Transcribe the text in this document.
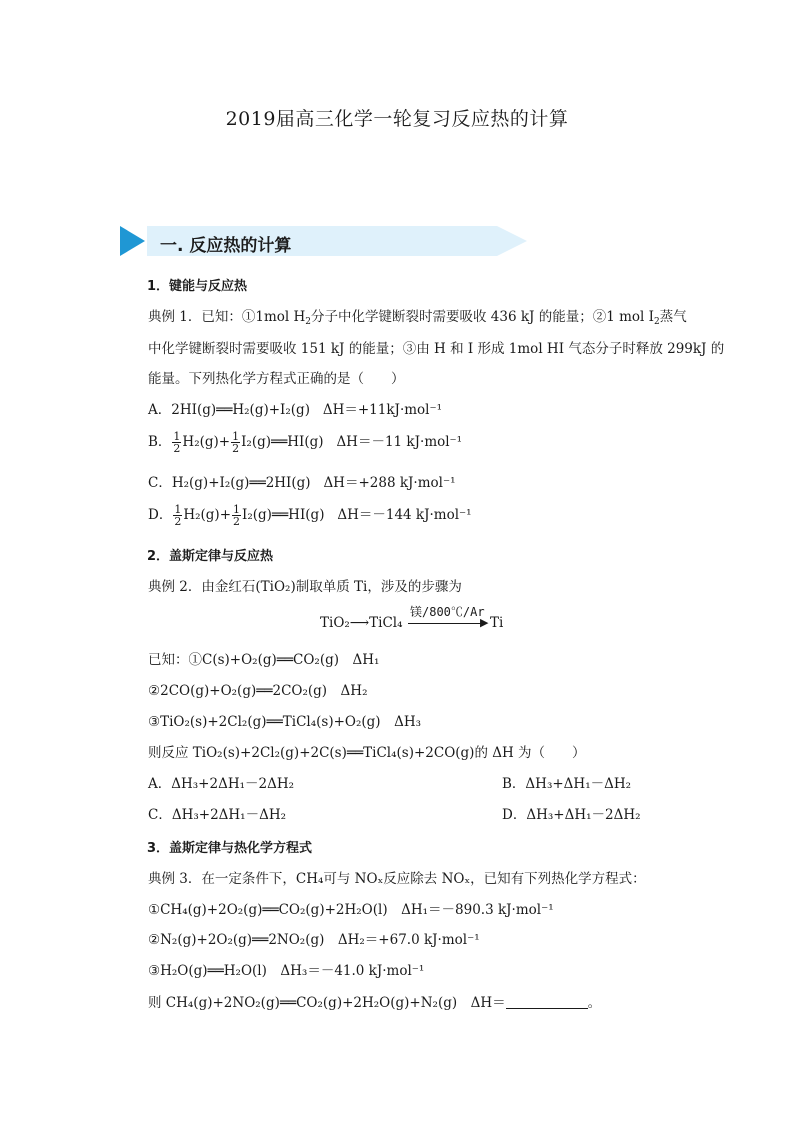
2019届高三化学一轮复习反应热的计算
一. 反应热的计算
1．键能与反应热
典例 1．已知：①1mol $H_2$分子中化学键断裂时需要吸收 436 kJ 的能量；②1 mol $I_2$蒸气
中化学键断裂时需要吸收 151 kJ 的能量；③由 H 和 I 形成 1mol HI 气态分子时释放 299kJ 的
能量。下列热化学方程式正确的是（　　）
A．2HI(g)══H₂(g)+I₂(g) ΔH＝+11kJ·mol⁻¹
B． $\frac{1}{2} H_2(g)+ \frac{1}{2}$ I₂(g)══HI(g) ΔH＝－11 kJ·mol⁻¹
C．H₂(g)+I₂(g)══2HI(g) ΔH＝+288 kJ·mol⁻¹
D． $\frac{1}{2} H_2(g)+ \frac{1}{2}$ I₂(g)══HI(g) ΔH＝－144 kJ·mol⁻¹
2．盖斯定律与反应热
典例 2．由金红石(TiO₂)制取单质 Ti，涉及的步骤为
TiO₂⟶TiCl₄
镁/800℃/Ar
▶ Ti
已知：①C(s)+O₂(g)══CO₂(g)　ΔH₁
②2CO(g)+O₂(g)══2CO₂(g)　ΔH₂
③TiO₂(s)+2Cl₂(g)══TiCl₄(s)+O₂(g)　ΔH₃
则反应 TiO₂(s)+2Cl₂(g)+2C(s)══TiCl₄(s)+2CO(g)的 ΔH 为（　　）
A．ΔH₃+2ΔH₁－2ΔH₂	B．ΔH₃+ΔH₁－ΔH₂
C．ΔH₃+2ΔH₁－ΔH₂	D．ΔH₃+ΔH₁－2ΔH₂
3．盖斯定律与热化学方程式
典例 3．在一定条件下，CH₄可与 NOₓ反应除去 NOₓ，已知有下列热化学方程式：
①CH₄(g)+2O₂(g)══CO₂(g)+2H₂O(l)　ΔH₁＝－890.3 kJ·mol⁻¹
②N₂(g)+2O₂(g)══2NO₂(g)　ΔH₂＝+67.0 kJ·mol⁻¹
③H₂O(g)══H₂O(l)　ΔH₃＝－41.0 kJ·mol⁻¹
则 CH₄(g)+2NO₂(g)══CO₂(g)+2H₂O(g)+N₂(g)　ΔH＝	。
